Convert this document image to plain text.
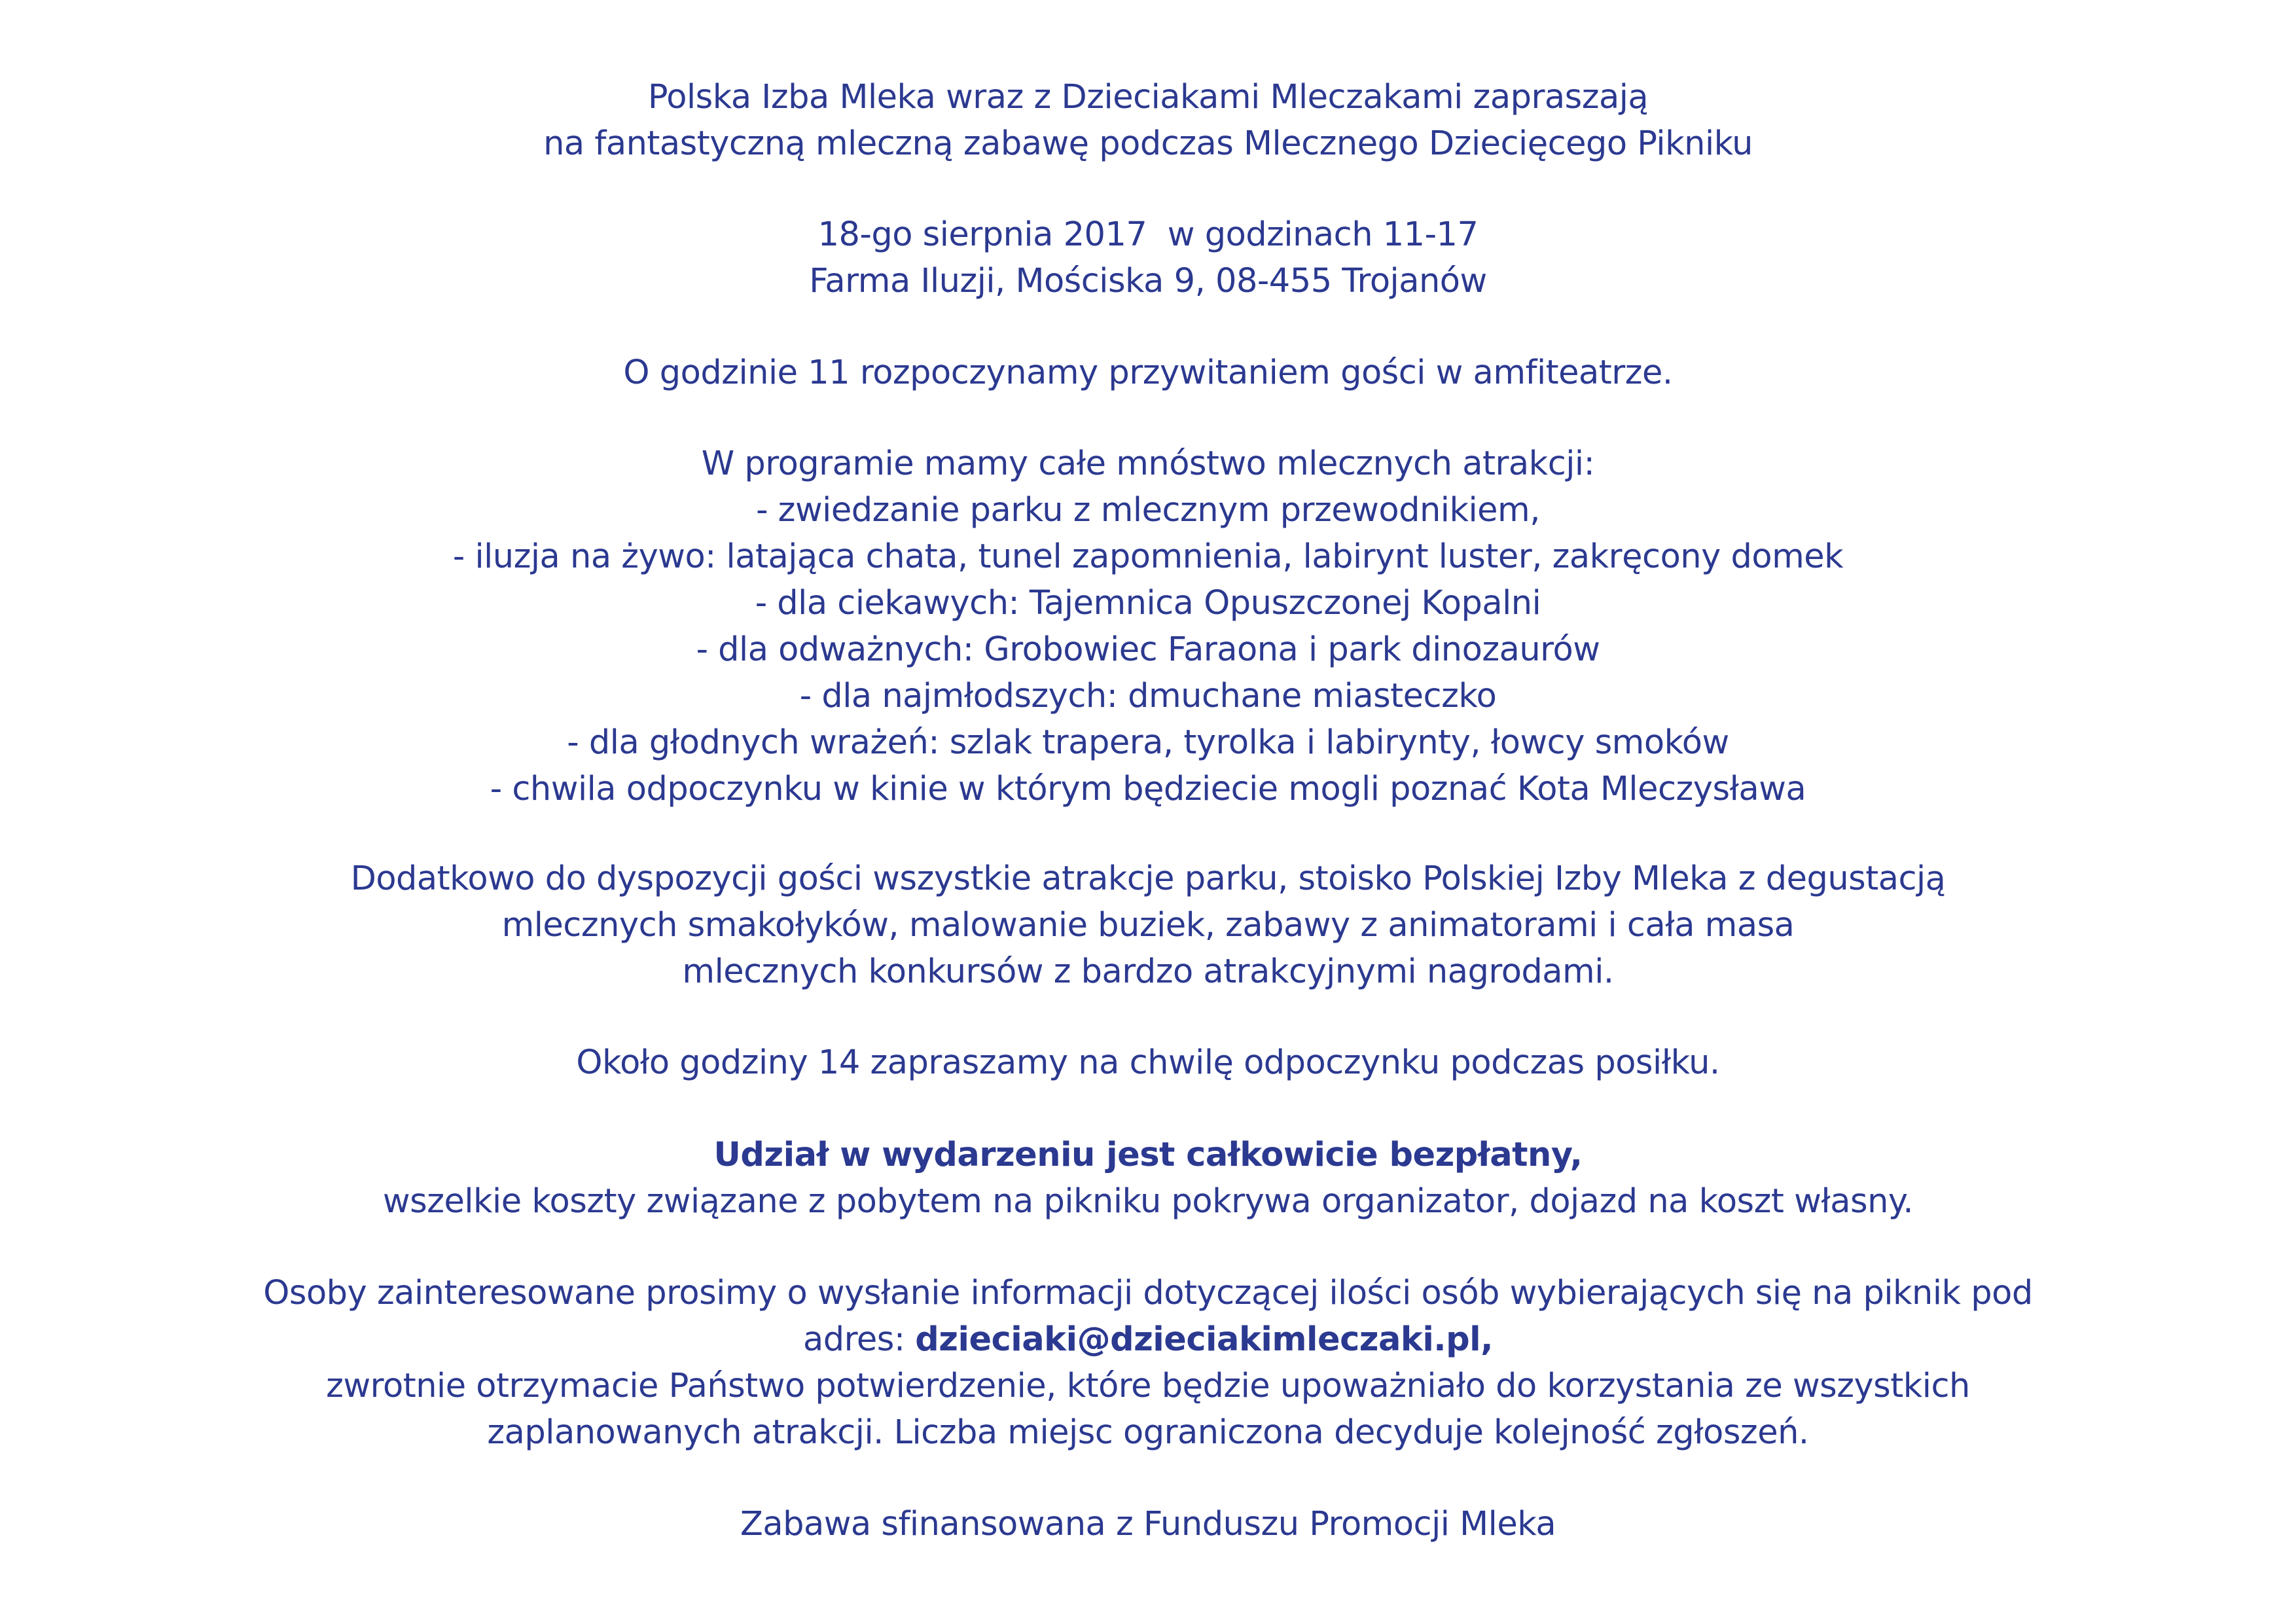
Polska Izba Mleka wraz z Dzieciakami Mleczakami zapraszają
na fantastyczną mleczną zabawę podczas Mlecznego Dziecięcego Pikniku
18-go sierpnia 2017  w godzinach 11-17
Farma Iluzji, Mościska 9, 08-455 Trojanów
O godzinie 11 rozpoczynamy przywitaniem gości w amfiteatrze.
W programie mamy całe mnóstwo mlecznych atrakcji:
- zwiedzanie parku z mlecznym przewodnikiem,
- iluzja na żywo: latająca chata, tunel zapomnienia, labirynt luster, zakręcony domek
- dla ciekawych: Tajemnica Opuszczonej Kopalni
- dla odważnych: Grobowiec Faraona i park dinozaurów
- dla najmłodszych: dmuchane miasteczko
- dla głodnych wrażeń: szlak trapera, tyrolka i labirynty, łowcy smoków
- chwila odpoczynku w kinie w którym będziecie mogli poznać Kota Mleczysława
Dodatkowo do dyspozycji gości wszystkie atrakcje parku, stoisko Polskiej Izby Mleka z degustacją
mlecznych smakołyków, malowanie buziek, zabawy z animatorami i cała masa
mlecznych konkursów z bardzo atrakcyjnymi nagrodami.
Około godziny 14 zapraszamy na chwilę odpoczynku podczas posiłku.
Udział w wydarzeniu jest całkowicie bezpłatny,
wszelkie koszty związane z pobytem na pikniku pokrywa organizator, dojazd na koszt własny.
Osoby zainteresowane prosimy o wysłanie informacji dotyczącej ilości osób wybierających się na piknik pod
adres: dzieciaki@dzieciakimleczaki.pl,
zwrotnie otrzymacie Państwo potwierdzenie, które będzie upoważniało do korzystania ze wszystkich
zaplanowanych atrakcji. Liczba miejsc ograniczona decyduje kolejność zgłoszeń.
Zabawa sfinansowana z Funduszu Promocji Mleka
